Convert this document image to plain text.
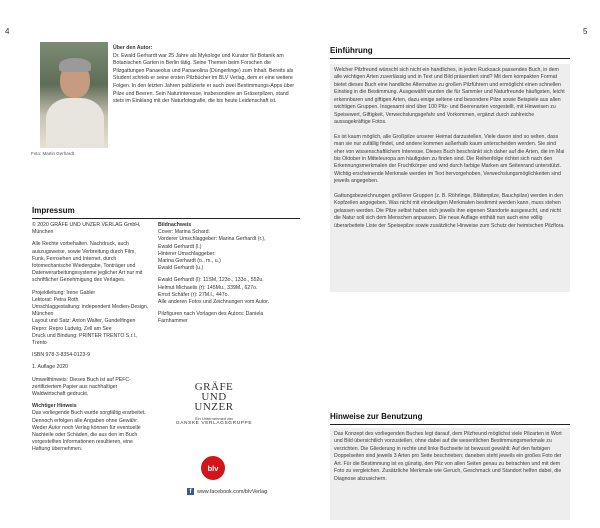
4	5
Foto: Martin Gerhardt
Über den Autor:
Dr. Ewald Gerhardt war 25 Jahre als Mykologe und Kurator für Botanik am Botanischen Garten in Berlin tätig. Seine Themen beim Forschen die Pilzgattungen Panaeolus und Panaeolina (Düngerlinge) zum Inhalt. Bereits als Student schrieb er seine ersten Pilzbücher im BLV Verlag, dem er eine weitere Folgen. In den letzten Jahren publizierte er auch zwei Bestimmungs-Apps über Pilze und Beeren. Sein Naturinteresse, insbesondere an Gräserpilzen, stand stets im Einklang mit der Naturfotografie, die bis heute Leidenschaft ist.
Impressum
© 2020 GRÄFE UND UNZER VERLAG GmbH, München
Alle Rechte vorbehalten. Nachdruck, auch auszugsweise, sowie Verbreitung durch Film, Funk, Fernsehen und Internet, durch fotomechanische Wiedergabe, Tonträger und Datenverarbeitungssysteme jeglicher Art nur mit schriftlicher Genehmigung des Verlages.
Projektleitung: Irene Gabler
Lektorat: Petra Roth
Umschlaggestaltung: independent Medien-Design, München
Layout und Satz: Anton Walter, Gundelfingen
Repro: Repro Ludwig, Zell am See
Druck und Bindung: PRINTER TRENTO S.r.l., Trento
ISBN 978-3-8354-0123-9
1. Auflage 2020
Umwelthinweis: Dieses Buch ist auf PEFC-zertifiziertem Papier aus nachhaltiger Waldwirtschaft gedruckt.
Wichtiger Hinweis
Das vorliegende Buch wurde sorgfältig erarbeitet. Dennoch erfolgen alle Angaben ohne Gewähr. Weder Autor noch Verlag können für eventuelle Nachteile oder Schäden, die aus den im Buch vorgestellten Informationen resultieren, eine Haftung übernehmen.
Bildnachweis
Cover: Marina Schard:
Vorderer Umschlaggeber: Marina Gerhardt (r.),
Ewald Gerhardt (l.)
Hinterer Umschlaggeber:
Marina Gerhardt (o., m., u.)
Ewald Gerhardt (u.)
Ewald Gerhardt (l): 11SM, 123o., 133o., 552u.
Helmut Michaelis (r): 145Mu., 339M., 627o.
Ernst Schäfer (r): 27M.l., 447o.
Alle anderen Fotos und Zeichnungen vom Autor.
Pilzfiguren nach Vorlagen des Autors: Daniela Farnhammer
GRÄFE
UND
UNZER
Ein Unternehmen der
GANSKE VERLAGSGRUPPE
blv
f	www.facebook.com/blvVerlag
Einführung

Welcher Pilzfreund wünscht sich nicht ein handliches, in jeden Rucksack passendes Buch, in dem alle wichtigen Arten zuverlässig und in Text und Bild präsentiert sind? Mit dem kompakten Format bietet dieses Buch eine handliche Alternative zu großen Pilzführern und ermöglicht einen schnellen Einstieg in die Bestimmung. Ausgewählt wurden die für Sammler und Naturfreunde häufigsten, leicht erkennbaren und giftigen Arten, dazu einige seltene und besondere Pilze sowie Beispiele aus allen wichtigen Gruppen. Insgesamt sind über 100 Pilz- und Beerenarten vorgestellt, mit Hinweisen zu Speisewert, Giftigkeit, Verwechslungsgefahr und Vorkommen, ergänzt durch zahlreiche aussagekräftige Fotos.

Es ist kaum möglich, alle Großpilze unserer Heimat darzustellen. Viele davon sind so selten, dass man sie nur zufällig findet, und andere kommen außerhalb kaum unterscheiden werden. Sie sind eher von wissenschaftlichem Interesse. Dieses Buch beschränkt sich daher auf die Arten, die im Mai bis Oktober in Mitteleuropa am häufigsten zu finden sind. Die Reihenfolge richtet sich nach den Erkennungsmerkmalen der Fruchtkörper und wird durch farbige Marken am Seitenrand unterstützt. Wichtig erscheinende Merkmale werden im Text hervorgehoben, Verwechslungsmöglichkeiten sind jeweils angegeben.

Gattungsbezeichnungen größerer Gruppen (z. B. Röhrlinge, Blätterpilze, Bauchpilze) werden in den Kopfzeilen angegeben. Was nicht mit eindeutigen Merkmalen bestimmt werden kann, muss stehen gelassen werden. Die Pilze selbst haben sich jeweils ihre eigenen Standorte ausgesucht, und nicht die Natur soll sich dem Menschen anpassen. Die neue Auflage enthält nun auch eine völlig überarbeitete Liste der Speisepilze sowie zusätzliche Hinweise zum Schutz der heimischen Pilzflora.

Hinweise zur Benutzung

Das Konzept des vorliegenden Buches legt darauf, dem Pilzfreund möglichst viele Pilzarten in Wort und Bild übersichtlich vorzustellen, ohne dabei auf die wesentlichen Bestimmungsmerkmale zu verzichten. Die Gliederung in rechte und linke Buchseite ist bewusst gewählt: Auf den farbigen Doppelseiten sind jeweils 3 Arten pro Seite beschrieben; daneben steht jeweils ein großes Foto der Art. Für die Bestimmung ist es günstig, den Pilz von allen Seiten genau zu betrachten und mit dem Foto zu vergleichen. Zusätzliche Merkmale wie Geruch, Geschmack und Standort helfen dabei, die Diagnose abzusichern.
